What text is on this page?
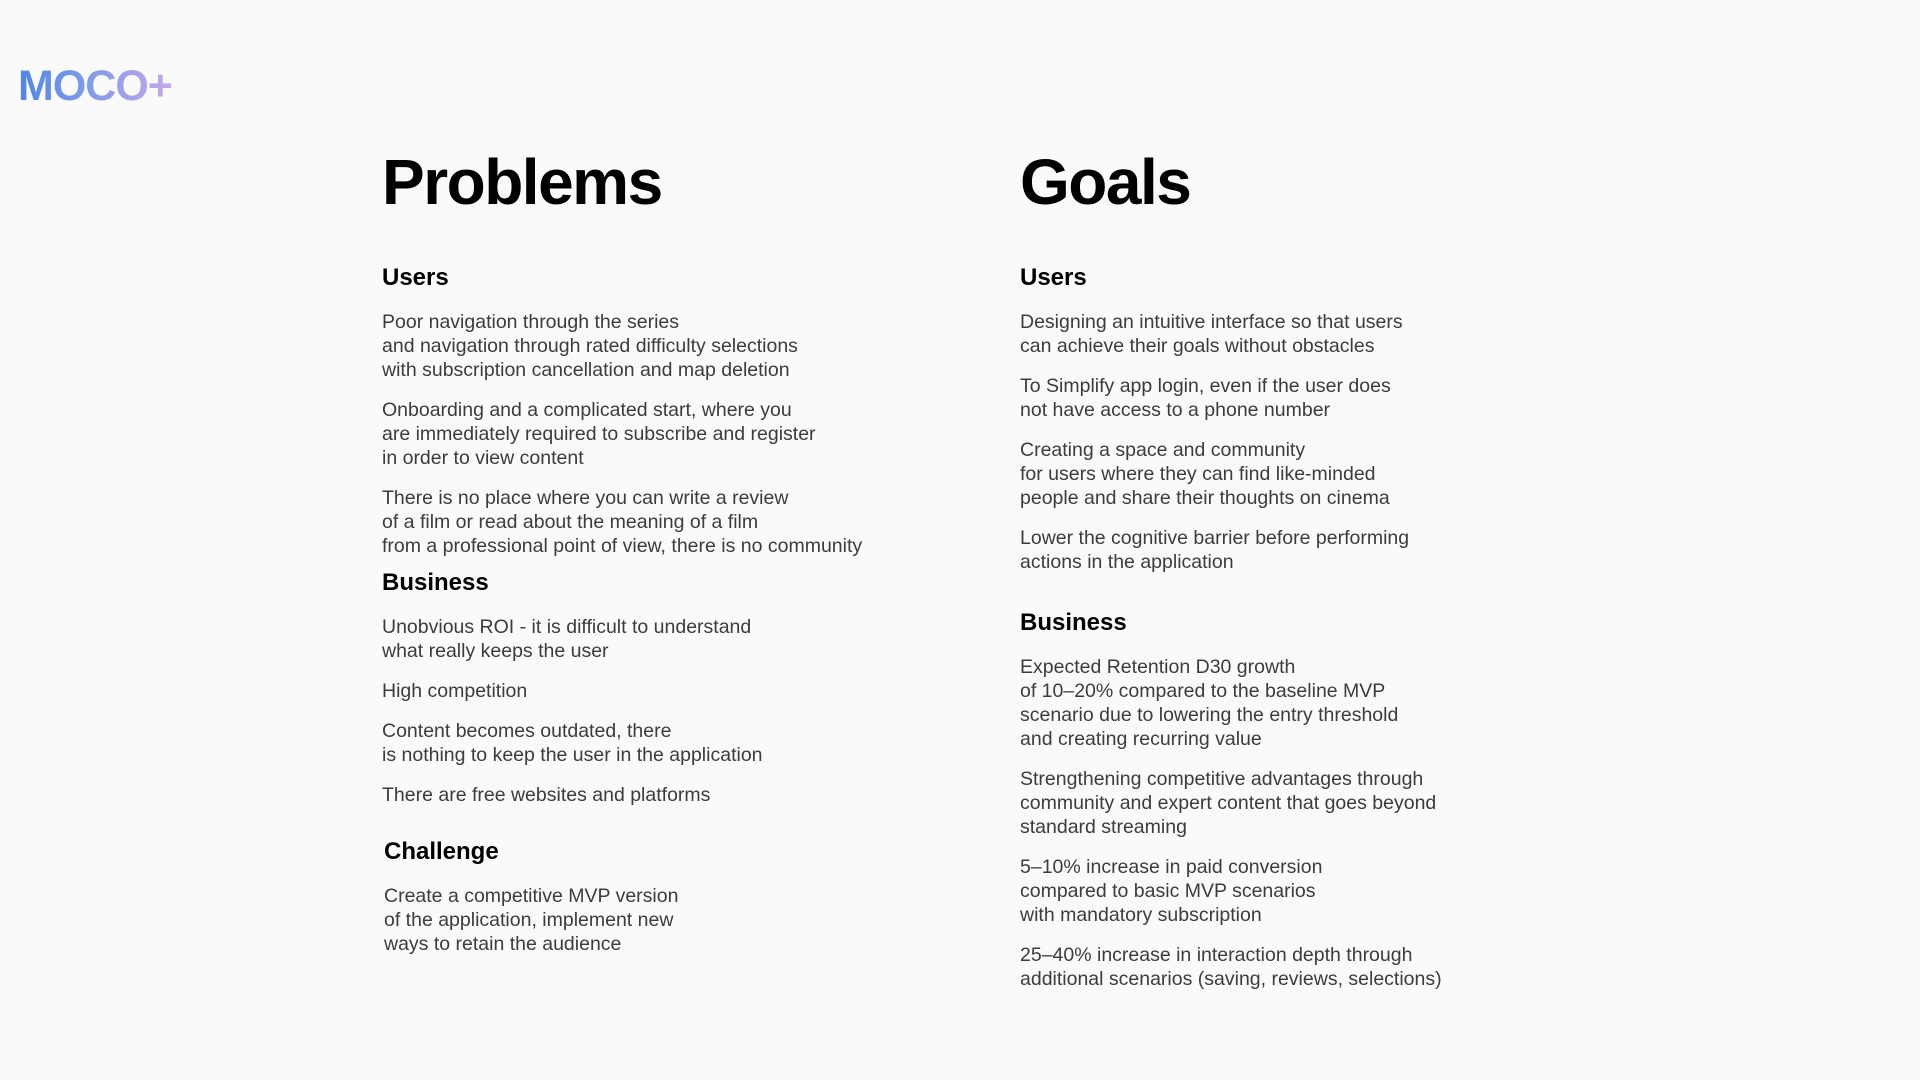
MOCO+
Problems
Users

Poor navigation through the series
and navigation through rated difficulty selections
with subscription cancellation and map deletion

Onboarding and a complicated start, where you
are immediately required to subscribe and register
in order to view content

There is no place where you can write a review
of a film or read about the meaning of a film
from a professional point of view, there is no community

Business

Unobvious ROI - it is difficult to understand
what really keeps the user

High competition

Content becomes outdated, there
is nothing to keep the user in the application

There are free websites and platforms

Challenge

Create a competitive MVP version
of the application, implement new
ways to retain the audience

Goals
Users

Designing an intuitive interface so that users
can achieve their goals without obstacles

To Simplify app login, even if the user does
not have access to a phone number

Creating a space and community
for users where they can find like-minded
people and share their thoughts on cinema

Lower the cognitive barrier before performing
actions in the application

Business

Expected Retention D30 growth
of 10–20% compared to the baseline MVP
scenario due to lowering the entry threshold
and creating recurring value

Strengthening competitive advantages through
community and expert content that goes beyond
standard streaming

5–10% increase in paid conversion
compared to basic MVP scenarios
with mandatory subscription

25–40% increase in interaction depth through
additional scenarios (saving, reviews, selections)
